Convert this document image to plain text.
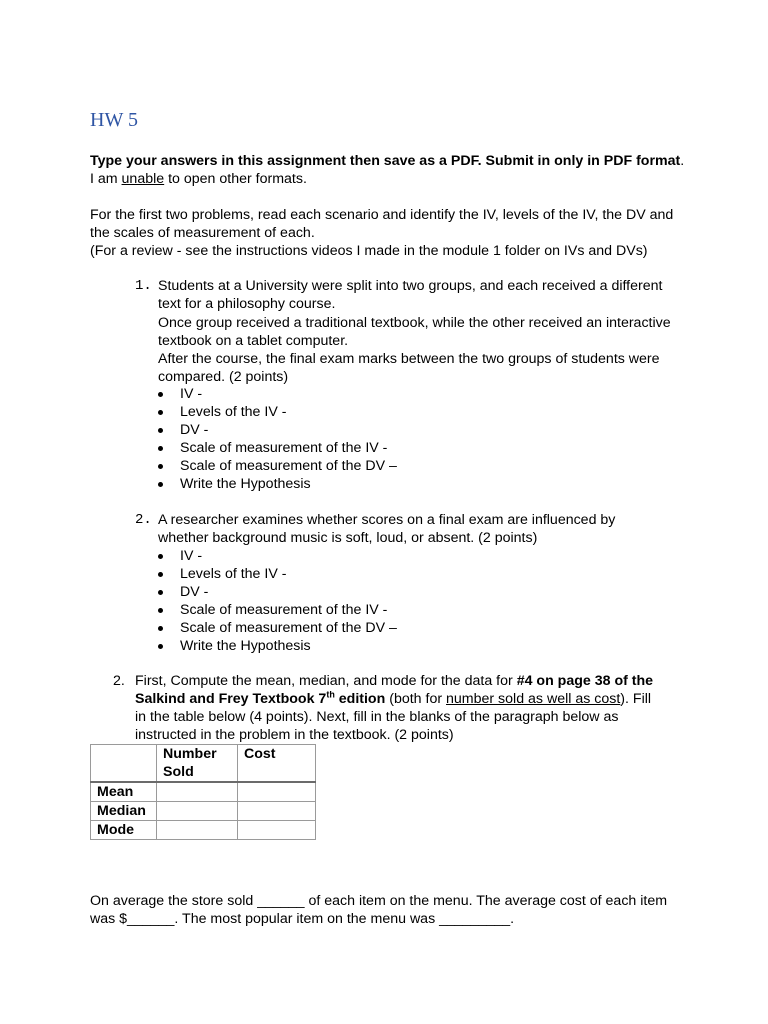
HW 5

Type your answers in this assignment then save as a PDF. Submit in only in PDF format. I am unable to open other formats.

For the first two problems, read each scenario and identify the IV, levels of the IV, the DV and the scales of measurement of each.

(For a review - see the instructions videos I made in the module 1 folder on IVs and DVs)

1. Students at a University were split into two groups, and each received a different text for a philosophy course.

Once group received a traditional textbook, while the other received an interactive textbook on a tablet computer.

After the course, the final exam marks between the two groups of students were compared. (2 points)

IV -
Levels of the IV -
DV -
Scale of measurement of the IV -
Scale of measurement of the DV –
Write the Hypothesis
2. A researcher examines whether scores on a final exam are influenced by whether background music is soft, loud, or absent. (2 points)

IV -
Levels of the IV -
DV -
Scale of measurement of the IV -
Scale of measurement of the DV –
Write the Hypothesis
2. First, Compute the mean, median, and mode for the data for #4 on page 38 of the Salkind and Frey Textbook 7th edition (both for number sold as well as cost). Fill in the table below (4 points). Next, fill in the blanks of the paragraph below as instructed in the problem in the textbook. (2 points)

	Number Sold	Cost
Mean		
Median		
Mode		

On average the store sold ______ of each item on the menu. The average cost of each item was $______. The most popular item on the menu was _________.
